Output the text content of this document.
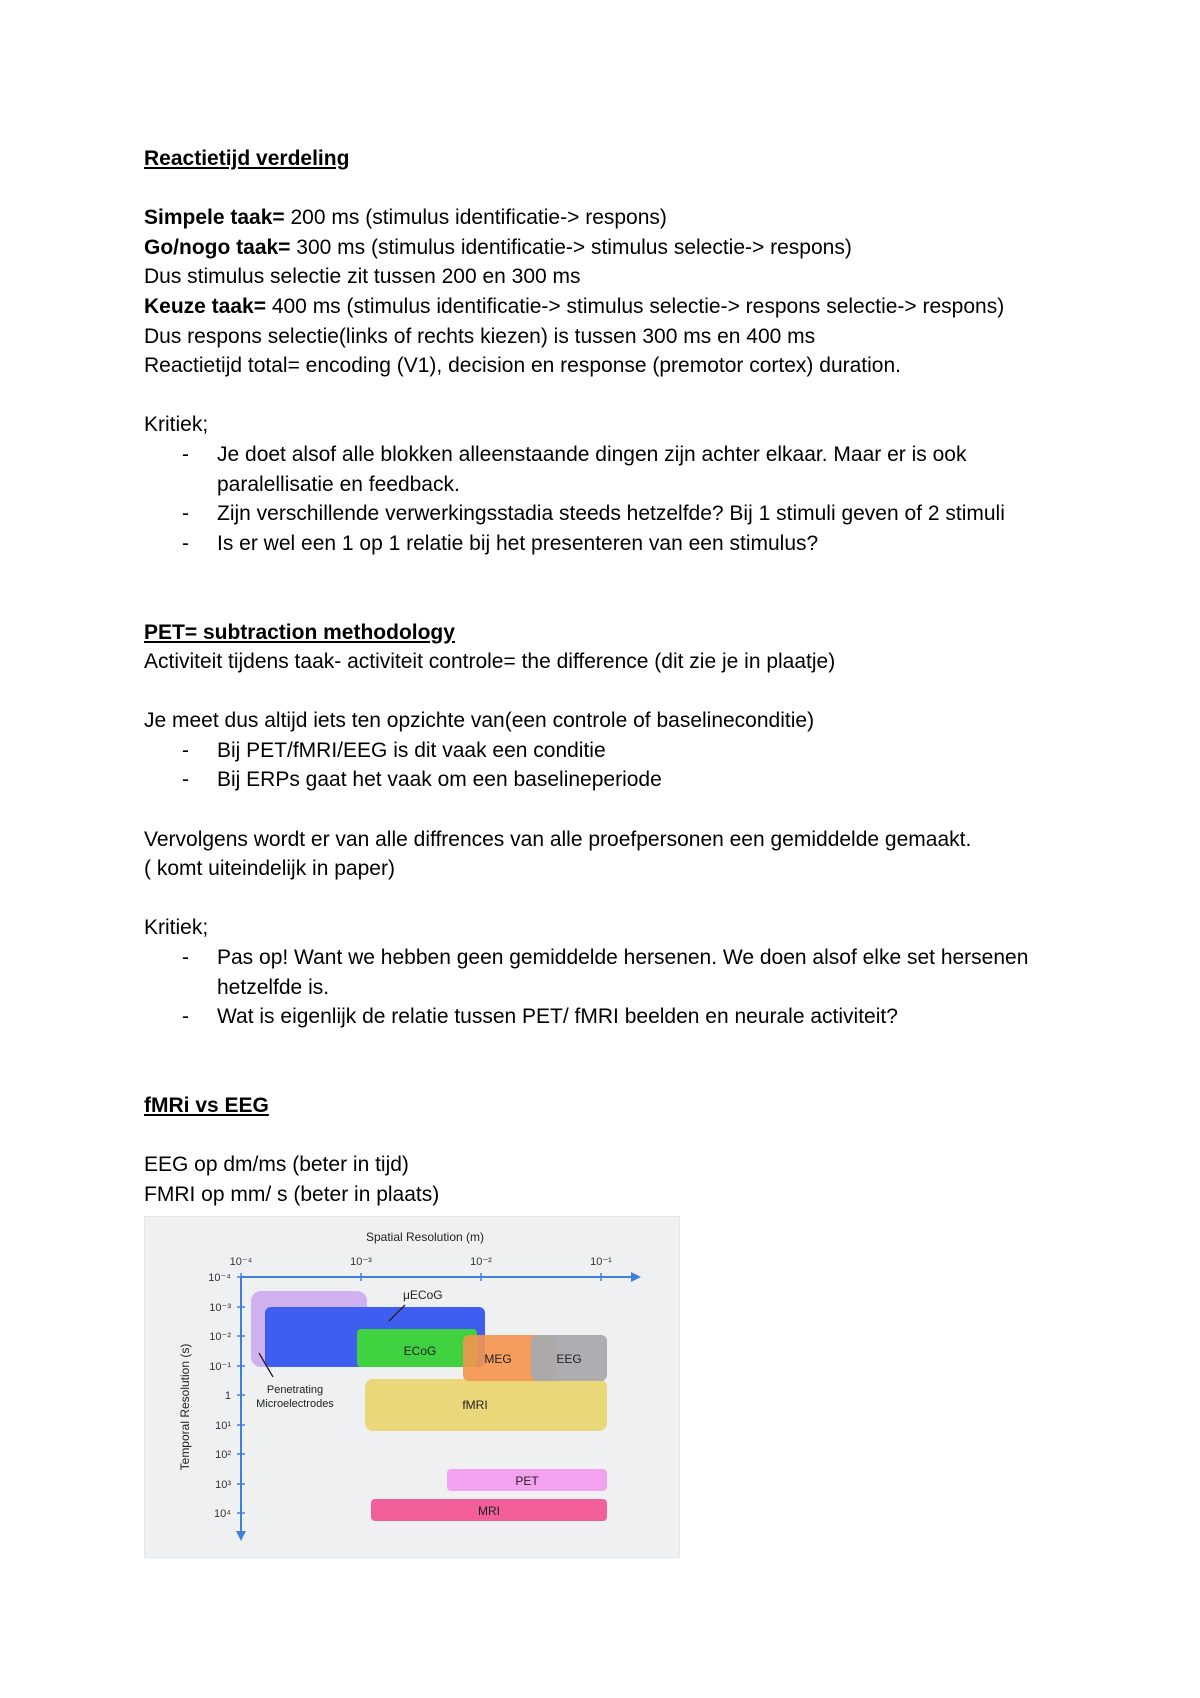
Reactietijd verdeling
Simpele taak= 200 ms (stimulus identificatie-> respons)
Go/nogo taak= 300 ms (stimulus identificatie-> stimulus selectie-> respons)
Dus stimulus selectie zit tussen 200 en 300 ms
Keuze taak= 400 ms (stimulus identificatie-> stimulus selectie-> respons selectie-> respons)
Dus respons selectie(links of rechts kiezen) is tussen 300 ms en 400 ms
Reactietijd total= encoding (V1), decision en response (premotor cortex) duration.
Kritiek;
- Je doet alsof alle blokken alleenstaande dingen zijn achter elkaar. Maar er is ook paralellisatie en feedback.
- Zijn verschillende verwerkingsstadia steeds hetzelfde? Bij 1 stimuli geven of 2 stimuli
- Is er wel een 1 op 1 relatie bij het presenteren van een stimulus?
PET= subtraction methodology
Activiteit tijdens taak- activiteit controle= the difference (dit zie je in plaatje)
Je meet dus altijd iets ten opzichte van(een controle of baselineconditie)
- Bij PET/fMRI/EEG is dit vaak een conditie
- Bij ERPs gaat het vaak om een baselineperiode
Vervolgens wordt er van alle diffrences van alle proefpersonen een gemiddelde gemaakt.
( komt uiteindelijk in paper)
Kritiek;
- Pas op! Want we hebben geen gemiddelde hersenen. We doen alsof elke set hersenen hetzelfde is.
- Wat is eigenlijk de relatie tussen PET/ fMRI beelden en neurale activiteit?
fMRi vs EEG
EEG op dm/ms (beter in tijd)
FMRI op mm/ s (beter in plaats)
Spatial Resolution (m)
10⁻⁴	10⁻³	10⁻²	10⁻¹
10⁻⁴
10⁻³
10⁻²
10⁻¹
1
10¹
10²
10³
10⁴
Temporal Resolution (s)	ECoG
MEG	EEG
fMRI
PET
MRI
μECoG
Penetrating
Microelectrodes
